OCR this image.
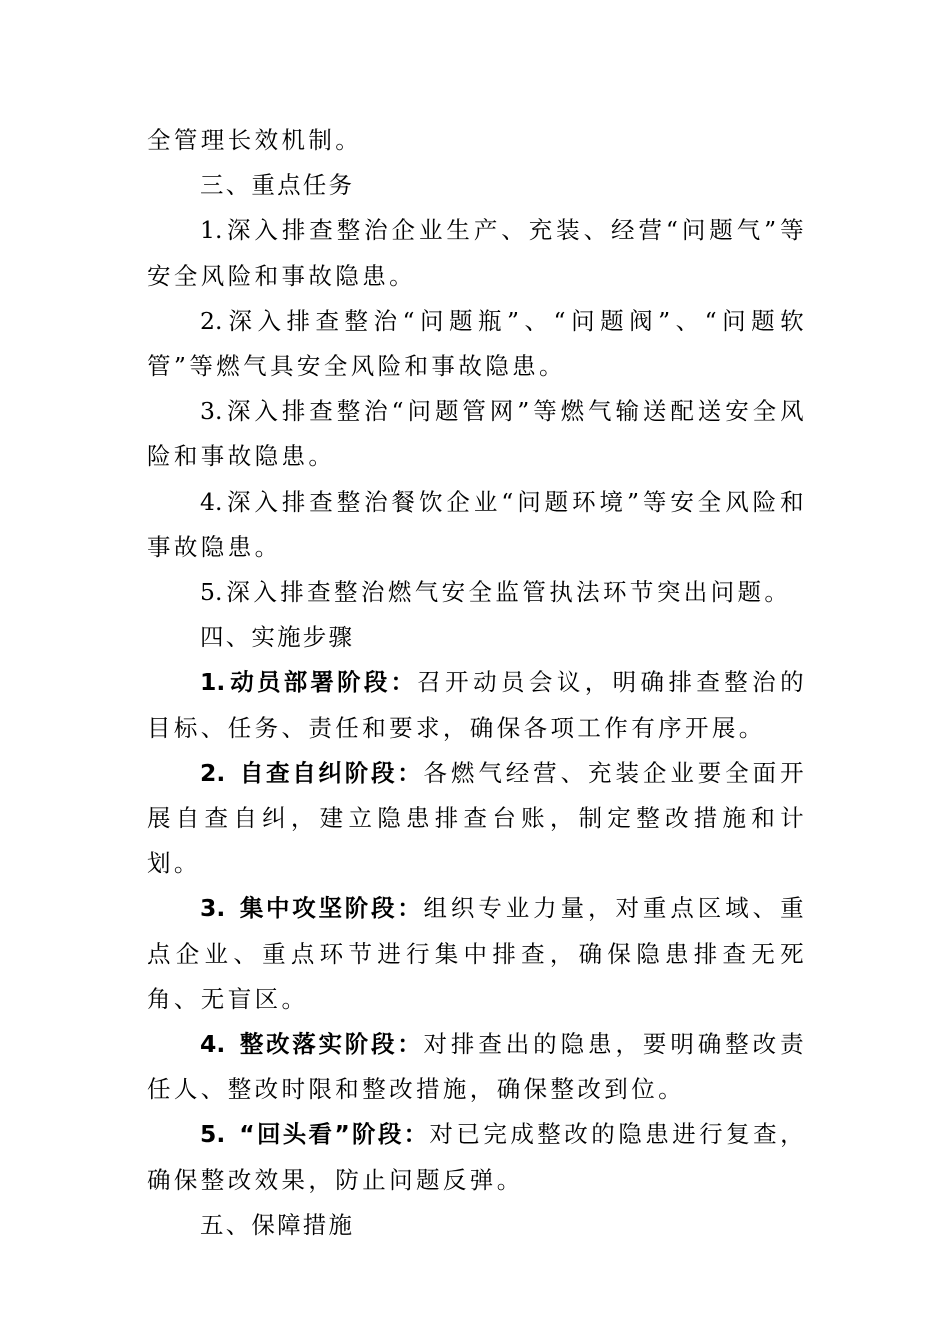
全管理长效机制。

三、重点任务

1. 深入排查整治企业生产、充装、经营“问题气”等安全风险和事故隐患。

2. 深入排查整治“问题瓶”、“问题阀”、“问题软管”等燃气具安全风险和事故隐患。

3. 深入排查整治“问题管网”等燃气输送配送安全风险和事故隐患。

4. 深入排查整治餐饮企业“问题环境”等安全风险和事故隐患。

5. 深入排查整治燃气安全监管执法环节突出问题。

四、实施步骤

1. 动员部署阶段：召开动员会议，明确排查整治的目标、任务、责任和要求，确保各项工作有序开展。

2. 自查自纠阶段：各燃气经营、充装企业要全面开展自查自纠，建立隐患排查台账，制定整改措施和计划。

3. 集中攻坚阶段：组织专业力量，对重点区域、重点企业、重点环节进行集中排查，确保隐患排查无死角、无盲区。

4. 整改落实阶段：对排查出的隐患，要明确整改责任人、整改时限和整改措施，确保整改到位。

5. “回头看”阶段：对已完成整改的隐患进行复查，确保整改效果，防止问题反弹。

五、保障措施
